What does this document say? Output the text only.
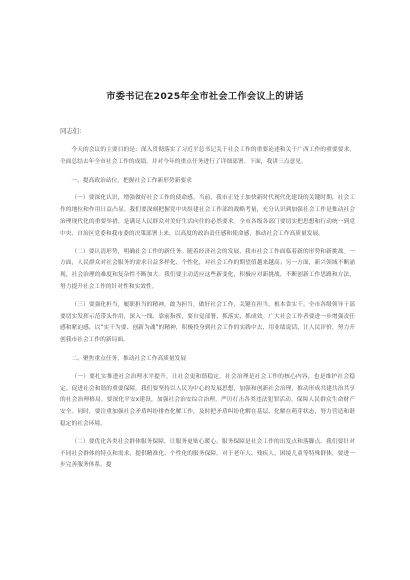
市委书记在2025年全市社会工作会议上的讲话
同志们：

今天的会议的主要目的是：深入贯彻落实了习近平总书记关于社会工作的重要论述和关于广西工作的重要要求，全面总结去年全市社会工作的成绩，并对今年的重点任务进行了详细部署。下面，我讲三点意见。

一、提高政治站位，把握社会工作新形势新要求

（一）要深化认识，增强做好社会工作的使命感。当前，我市正处于加快新时代现代化建设的关键时期，社会工作的地位和作用日益凸显。我们要深刻把握党中央组建社会工作部的战略考量，充分认识到加强社会工作是推动社会治理现代化的重要举措，是满足人民群众对美好生活向往的必然要求。全市各级各部门要切实把思想和行动统一到党中央、自治区党委和我市委的决策部署上来，以高度的政治责任感和使命感，推动社会工作高质量发展。

（二）要认清形势，明确社会工作的新任务。随着经济社会的发展，我市社会工作面临着新的形势和新挑战。一方面，人民群众对社会服务的需求日益多样化、个性化，对社会工作的期望值越来越高；另一方面，新兴领域不断涌现，社会治理的难度和复杂性不断加大。我们要主动适应这些新变化，积极应对新挑战，不断创新工作思路和方法，努力提升社会工作的针对性和实效性。

（三）要强化担当，履职担当的精神，敢为担当，做好社会工作，关键在担当，根本靠实干。全市各级领导干部要切实发挥示范带头作用，深入一线、靠前指挥，要自觉部署、抓落实、抓成效。广大社会工作者要进一步增强责任感和紧迫感，以“实干为要、创新为魂”的精神，积极投身到社会工作的实践中去，用业绩说话，让人民评价，努力开创我市社会工作的新局面。

二、聚焦重点任务，推动社会工作高质量发展

（一）要扎实推进社会治理水平提升，让社会更和谐稳定。社会治理是社会工作的核心内容，也是维护社会稳定、促进社会和谐的重要保障。我们要坚持以人民为中心的发展思想，加强和创新社会治理，推动形成共建共治共享的社会治理格局。要深化平安x建设，加强社会治安综合治理，严厉打击各类违法犯罪活动，保障人民群众生命财产安全。同时，要注重加强社会矛盾纠纷排查化解工作，及时把矛盾纠纷化解在基层、化解在萌芽状态，努力营造和谐稳定的社会环境。

（二）要优化各类社会群体服务保障，让服务更贴心暖心。服务保障是社会工作的出发点和落脚点。我们要针对不同社会群体的特点和需求，提供精准化、个性化的服务保障。对于老年人、残疾人、困境儿童等特殊群体，要进一步完善服务体系，提
